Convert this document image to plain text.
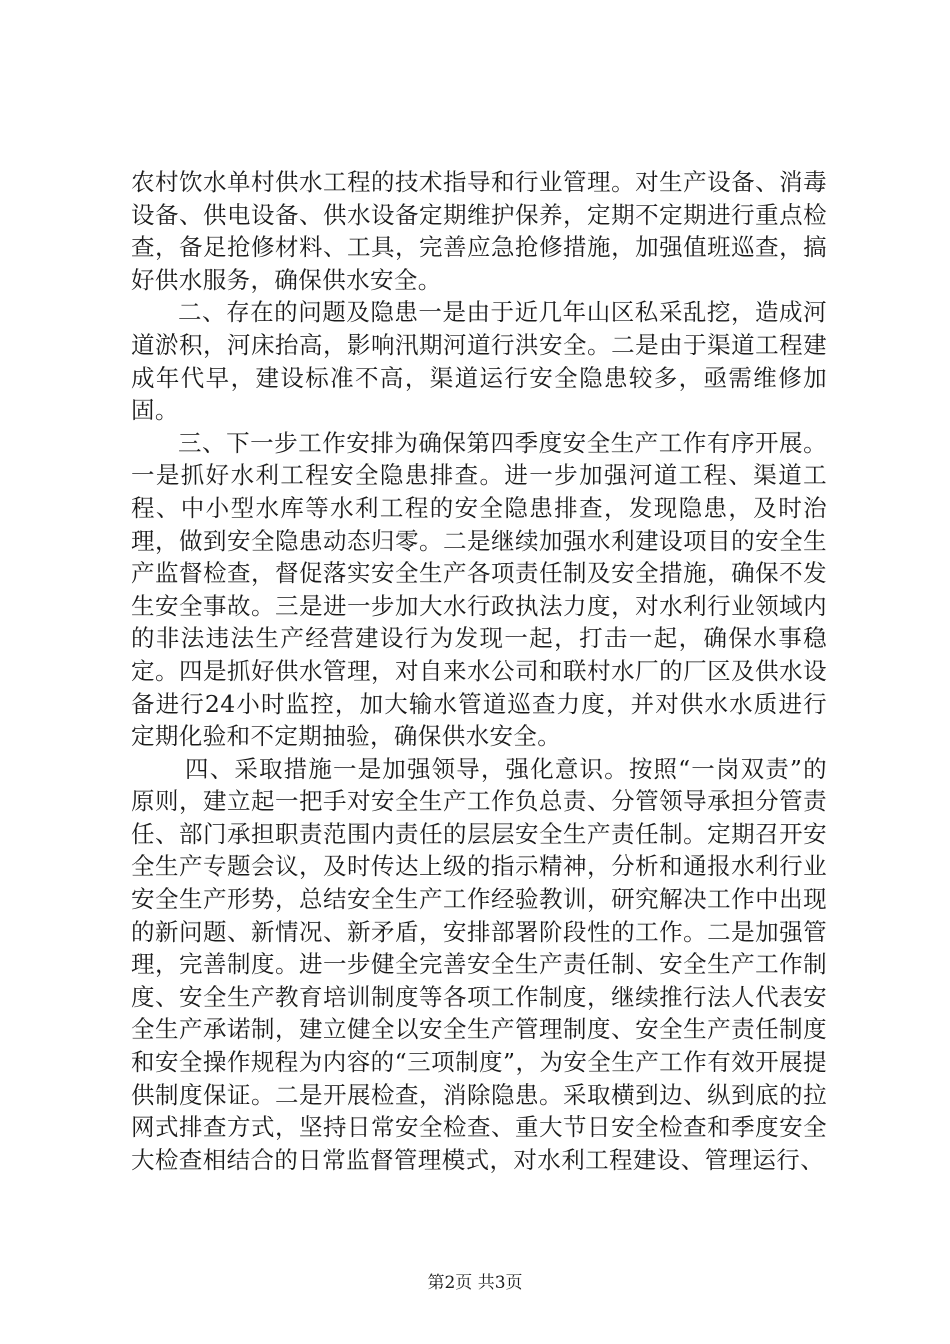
农村饮水单村供水工程的技术指导和行业管理。对生产设备、消毒设备、供电设备、供水设备定期维护保养，定期不定期进行重点检查，备足抢修材料、工具，完善应急抢修措施，加强值班巡查，搞好供水服务，确保供水安全。

二、存在的问题及隐患一是由于近几年山区私采乱挖，造成河道淤积，河床抬高，影响汛期河道行洪安全。二是由于渠道工程建成年代早，建设标准不高，渠道运行安全隐患较多，亟需维修加固。

三、下一步工作安排为确保第四季度安全生产工作有序开展。一是抓好水利工程安全隐患排查。进一步加强河道工程、渠道工程、中小型水库等水利工程的安全隐患排查，发现隐患，及时治理，做到安全隐患动态归零。二是继续加强水利建设项目的安全生产监督检查，督促落实安全生产各项责任制及安全措施，确保不发生安全事故。三是进一步加大水行政执法力度，对水利行业领域内的非法违法生产经营建设行为发现一起，打击一起，确保水事稳定。四是抓好供水管理，对自来水公司和联村水厂的厂区及供水设备进行24小时监控，加大输水管道巡查力度，并对供水水质进行定期化验和不定期抽验，确保供水安全。

四、采取措施一是加强领导，强化意识。按照“一岗双责”的原则，建立起一把手对安全生产工作负总责、分管领导承担分管责任、部门承担职责范围内责任的层层安全生产责任制。定期召开安全生产专题会议，及时传达上级的指示精神，分析和通报水利行业安全生产形势，总结安全生产工作经验教训，研究解决工作中出现的新问题、新情况、新矛盾，安排部署阶段性的工作。二是加强管理，完善制度。进一步健全完善安全生产责任制、安全生产工作制度、安全生产教育培训制度等各项工作制度，继续推行法人代表安全生产承诺制，建立健全以安全生产管理制度、安全生产责任制度和安全操作规程为内容的“三项制度”，为安全生产工作有效开展提供制度保证。二是开展检查，消除隐患。采取横到边、纵到底的拉网式排查方式，坚持日常安全检查、重大节日安全检查和季度安全大检查相结合的日常监督管理模式，对水利工程建设、管理运行、

第2页 共3页
